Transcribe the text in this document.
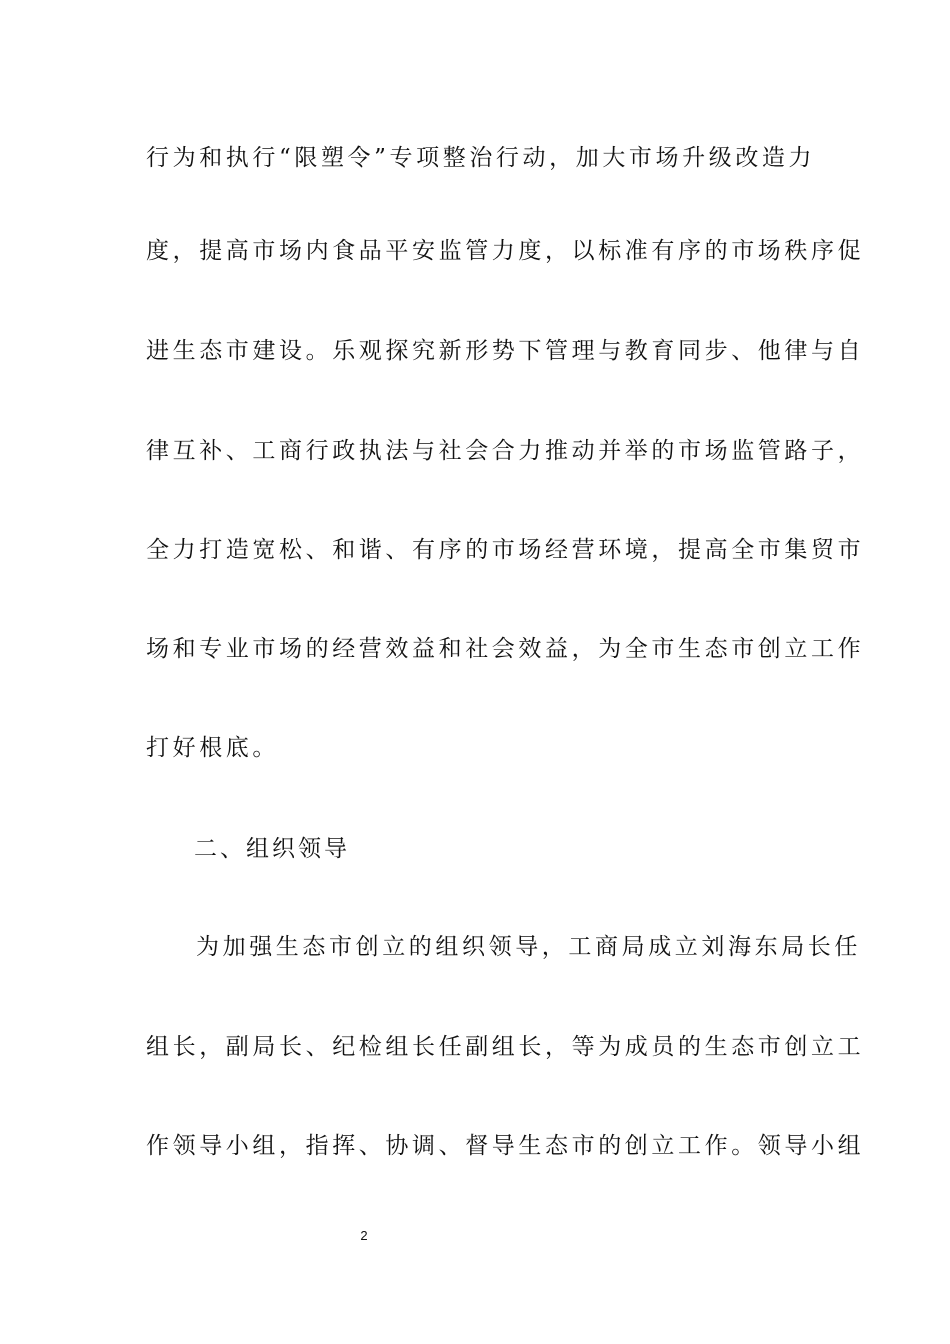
行为和执行“限塑令”专项整治行动，加大市场升级改造力
度，提高市场内食品平安监管力度，以标准有序的市场秩序促
进生态市建设。乐观探究新形势下管理与教育同步、他律与自
律互补、工商行政执法与社会合力推动并举的市场监管路子，
全力打造宽松、和谐、有序的市场经营环境，提高全市集贸市
场和专业市场的经营效益和社会效益，为全市生态市创立工作
打好根底。
二、组织领导
为加强生态市创立的组织领导，工商局成立刘海东局长任
组长，副局长、纪检组长任副组长，等为成员的生态市创立工
作领导小组，指挥、协调、督导生态市的创立工作。领导小组
2
